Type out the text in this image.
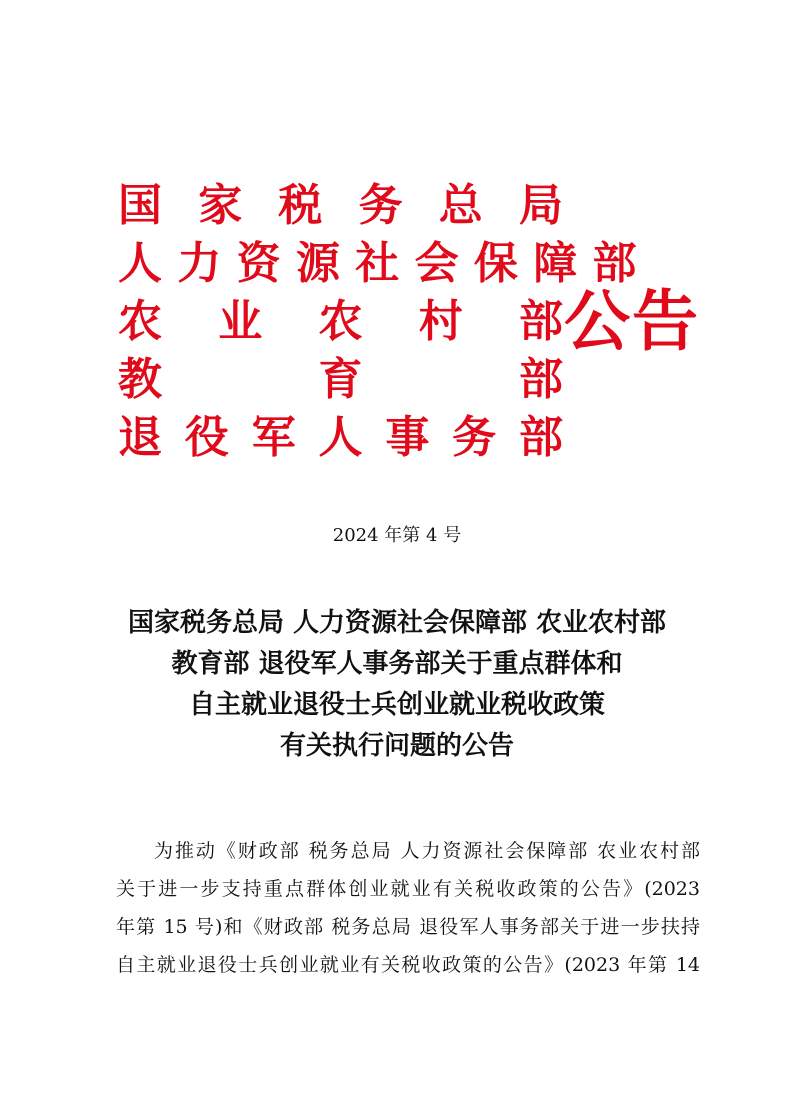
国 家 税 务 总 局
人 力 资 源 社 会 保 障 部
农 业 农 村 部
教 育 部
退 役 军 人 事 务 部
公告
2024 年第 4 号
国家税务总局 人力资源社会保障部 农业农村部
教育部 退役军人事务部关于重点群体和
自主就业退役士兵创业就业税收政策
有关执行问题的公告
为推动《财政部 税务总局 人力资源社会保障部 农业农村部
关于进一步支持重点群体创业就业有关税收政策的公告》(2023
年第 15 号)和《财政部 税务总局 退役军人事务部关于进一步扶持
自主就业退役士兵创业就业有关税收政策的公告》(2023 年第 14
